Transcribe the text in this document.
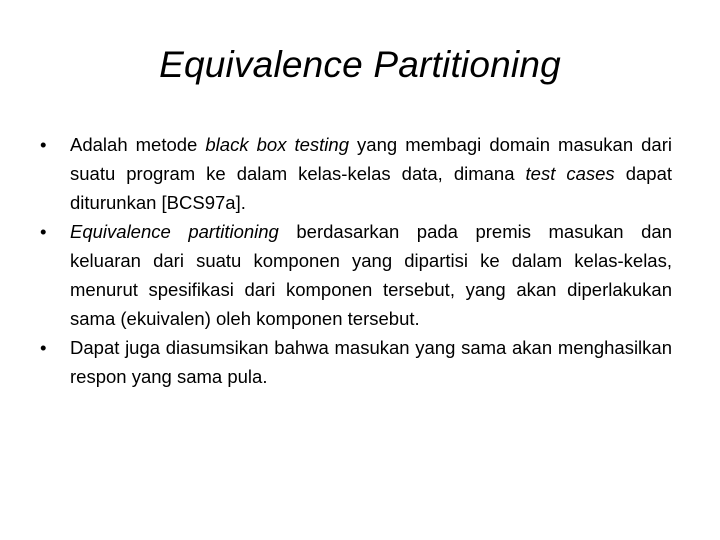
Equivalence Partitioning
•	Adalah metode black box testing yang membagi domain masukan dari suatu program ke dalam kelas-kelas data, dimana test cases dapat diturunkan [BCS97a].
•	Equivalence partitioning berdasarkan pada premis masukan dan keluaran dari suatu komponen yang dipartisi ke dalam kelas-kelas, menurut spesifikasi dari komponen tersebut, yang akan diperlakukan sama (ekuivalen) oleh komponen tersebut.
•	Dapat juga diasumsikan bahwa masukan yang sama akan menghasilkan respon yang sama pula.
